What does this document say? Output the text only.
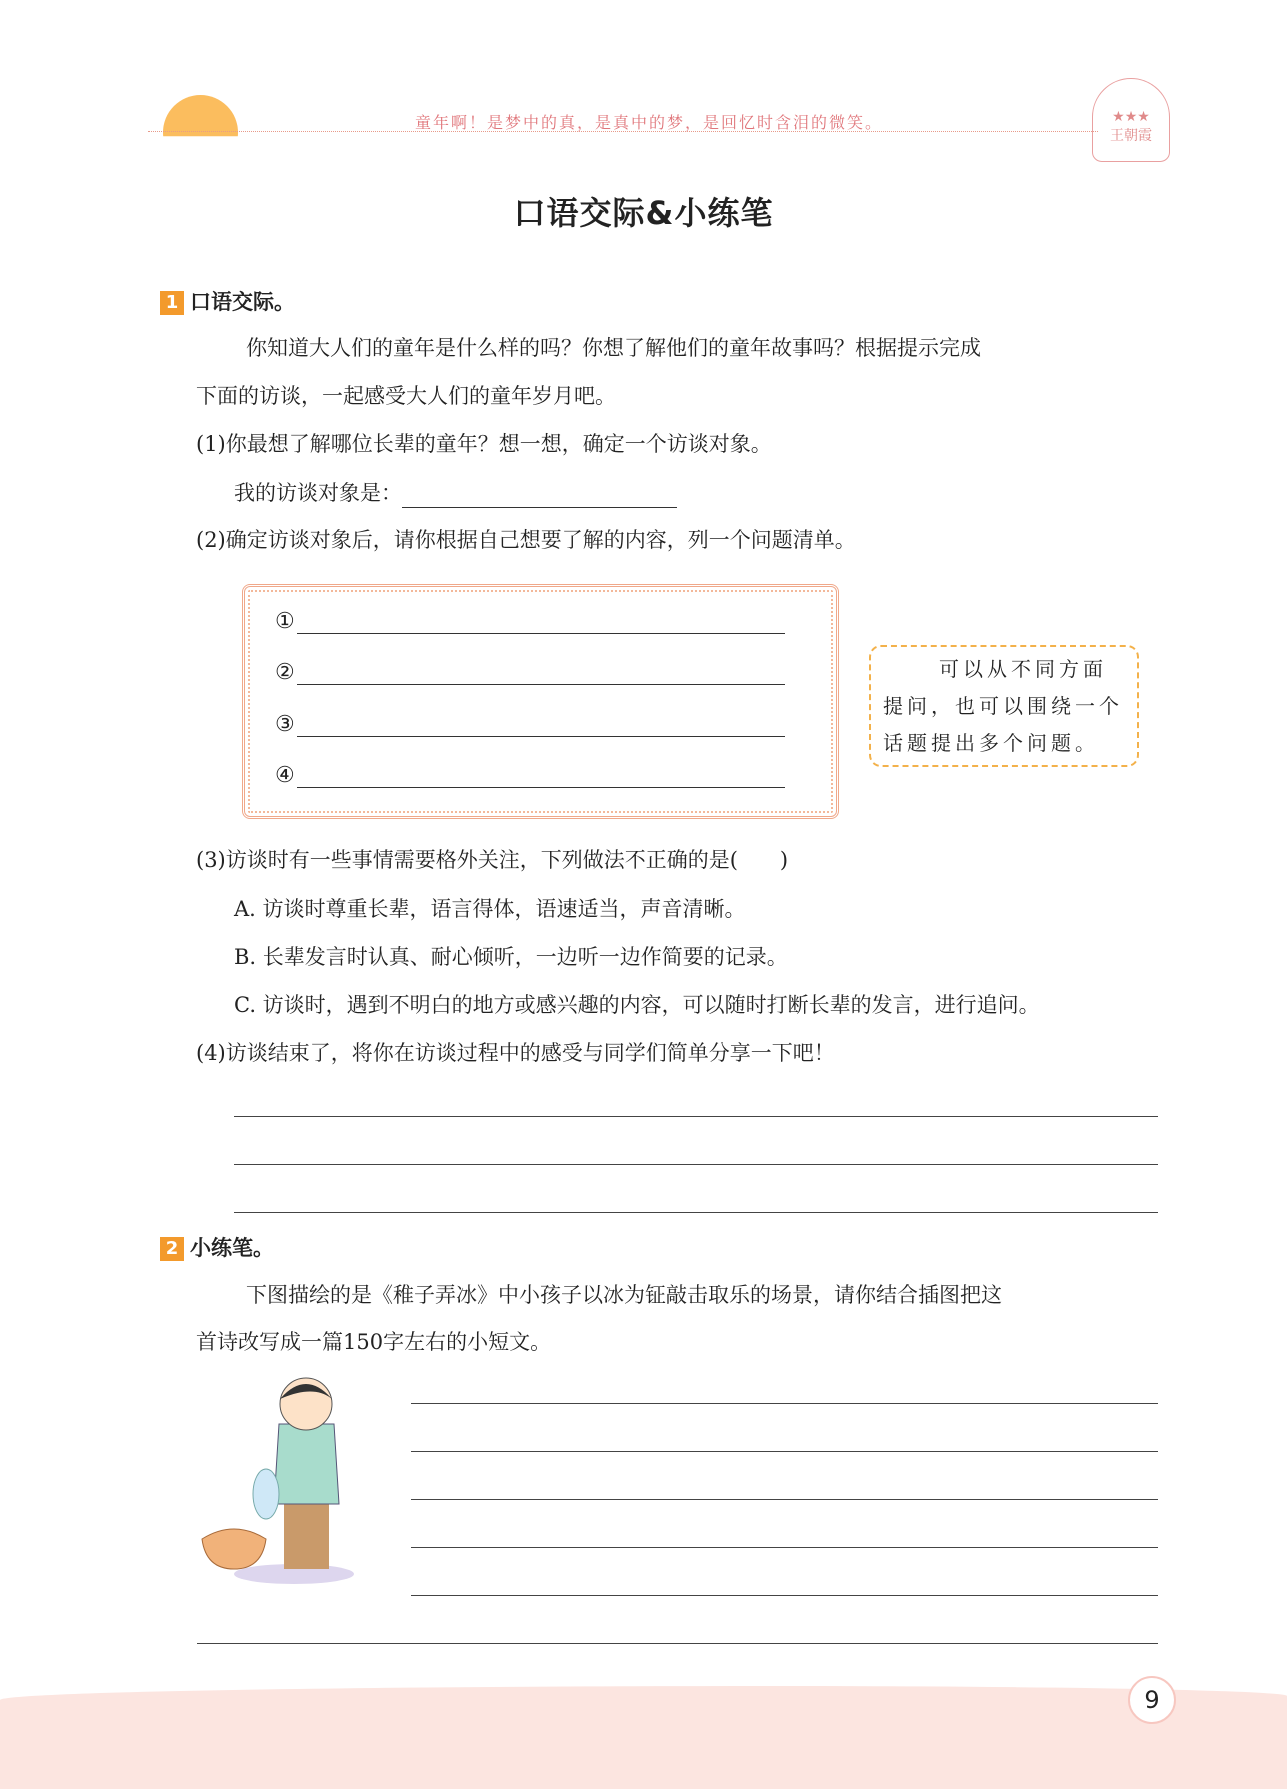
童年啊！是梦中的真，是真中的梦，是回忆时含泪的微笑。	★★★
王朝霞
口语交际&小练笔
1 口语交际。
你知道大人们的童年是什么样的吗？你想了解他们的童年故事吗？根据提示完成
下面的访谈，一起感受大人们的童年岁月吧。
(1)你最想了解哪位长辈的童年？想一想，确定一个访谈对象。
我的访谈对象是：
(2)确定访谈对象后，请你根据自己想要了解的内容，列一个问题清单。
①
②
③
④
可以从不同方面
提问，也可以围绕一个
话题提出多个问题。
(3)访谈时有一些事情需要格外关注，下列做法不正确的是(　　)
A. 访谈时尊重长辈，语言得体，语速适当，声音清晰。
B. 长辈发言时认真、耐心倾听，一边听一边作简要的记录。
C. 访谈时，遇到不明白的地方或感兴趣的内容，可以随时打断长辈的发言，进行追问。
(4)访谈结束了，将你在访谈过程中的感受与同学们简单分享一下吧！
2 小练笔。
下图描绘的是《稚子弄冰》中小孩子以冰为钲敲击取乐的场景，请你结合插图把这
首诗改写成一篇150字左右的小短文。
9
